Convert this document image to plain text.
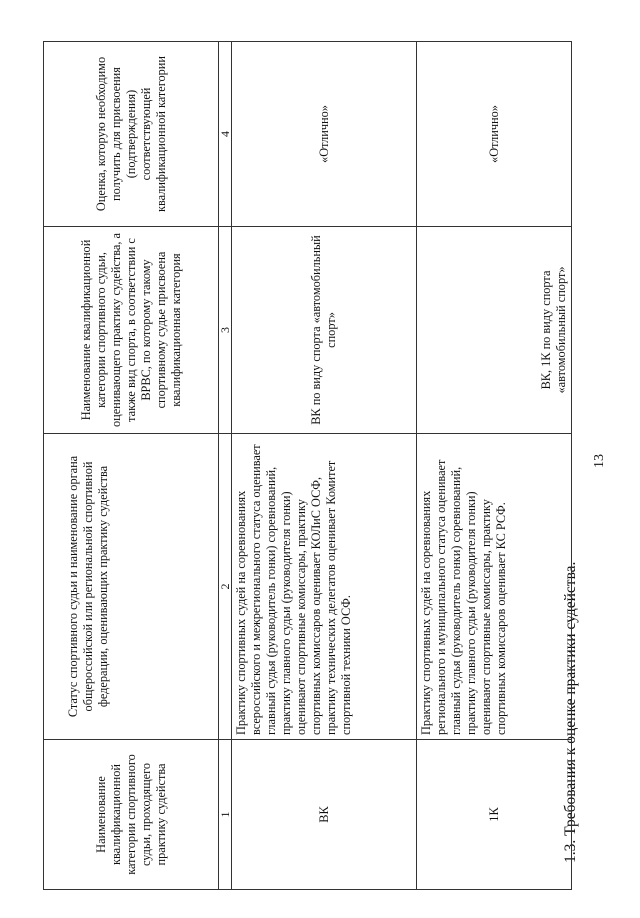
13
1.3. Требования к оценке практики судейства.
Наименование квалификационной категории спортивного судьи, проходящего практику судейства	Статус спортивного судьи и наименование органа общероссийской или региональной спортивной федерации, оценивающих практику судейства	Наименование квалификационной категории спортивного судьи, оценивающего практику судейства, а также вид спорта, в соответствии с ВРВС, по которому такому спортивному судье присвоена квалификационная категория	Оценка, которую необходимо получить для присвоения (подтверждения) соответствующей квалификационной категории
1	2	3	4
ВК	Практику спортивных судей на соревнованиях всероссийского и межрегионального статуса оценивает главный судья (руководитель гонки) соревнований, практику главного судьи (руководителя гонки) оценивают спортивные комиссары, практику спортивных комиссаров оценивает КОЛиС ОСФ, практику технических делегатов оценивает Комитет спортивной техники ОСФ.	ВК по виду спорта «автомобильный спорт»	«Отлично»
1К	Практику спортивных судей на соревнованиях регионального и муниципального статуса оценивает главный судья (руководитель гонки) соревнований, практику главного судьи (руководителя гонки) оценивают спортивные комиссары, практику спортивных комиссаров оценивает КС РСФ.	ВК, 1К по виду спорта «автомобильный спорт»	«Отлично»
